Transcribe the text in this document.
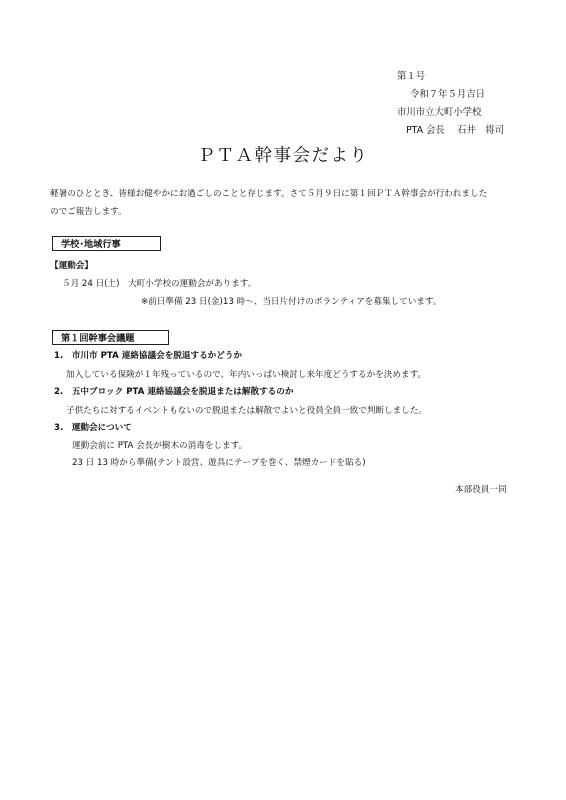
第１号
令和７年５月吉日
市川市立大町小学校
PTA 会長　 石井　将司
ＰＴＡ幹事会だより
軽暑のひととき、皆様お健やかにお過ごしのことと存じます。さて５月９日に第１回ＰＴＡ幹事会が行われました
のでご報告します。
学校･地域行事
【運動会】
５月 24 日(土)　大町小学校の運動会があります。
※前日準備 23 日(金)13 時～、当日片付けのボランティアを募集しています。
第１回幹事会議題
1.　市川市 PTA 連絡協議会を脱退するかどうか
加入している保険が１年残っているので、年内いっぱい検討し来年度どうするかを決めます。
2.　五中ブロック PTA 連絡協議会を脱退または解散するのか
子供たちに対するイベントもないので脱退または解散でよいと役員全員一致で判断しました。
3.　運動会について
運動会前に PTA 会長が樹木の消毒をします。
23 日 13 時から準備(テント設営、遊具にテープを巻く、禁煙カードを貼る)
本部役員一同
